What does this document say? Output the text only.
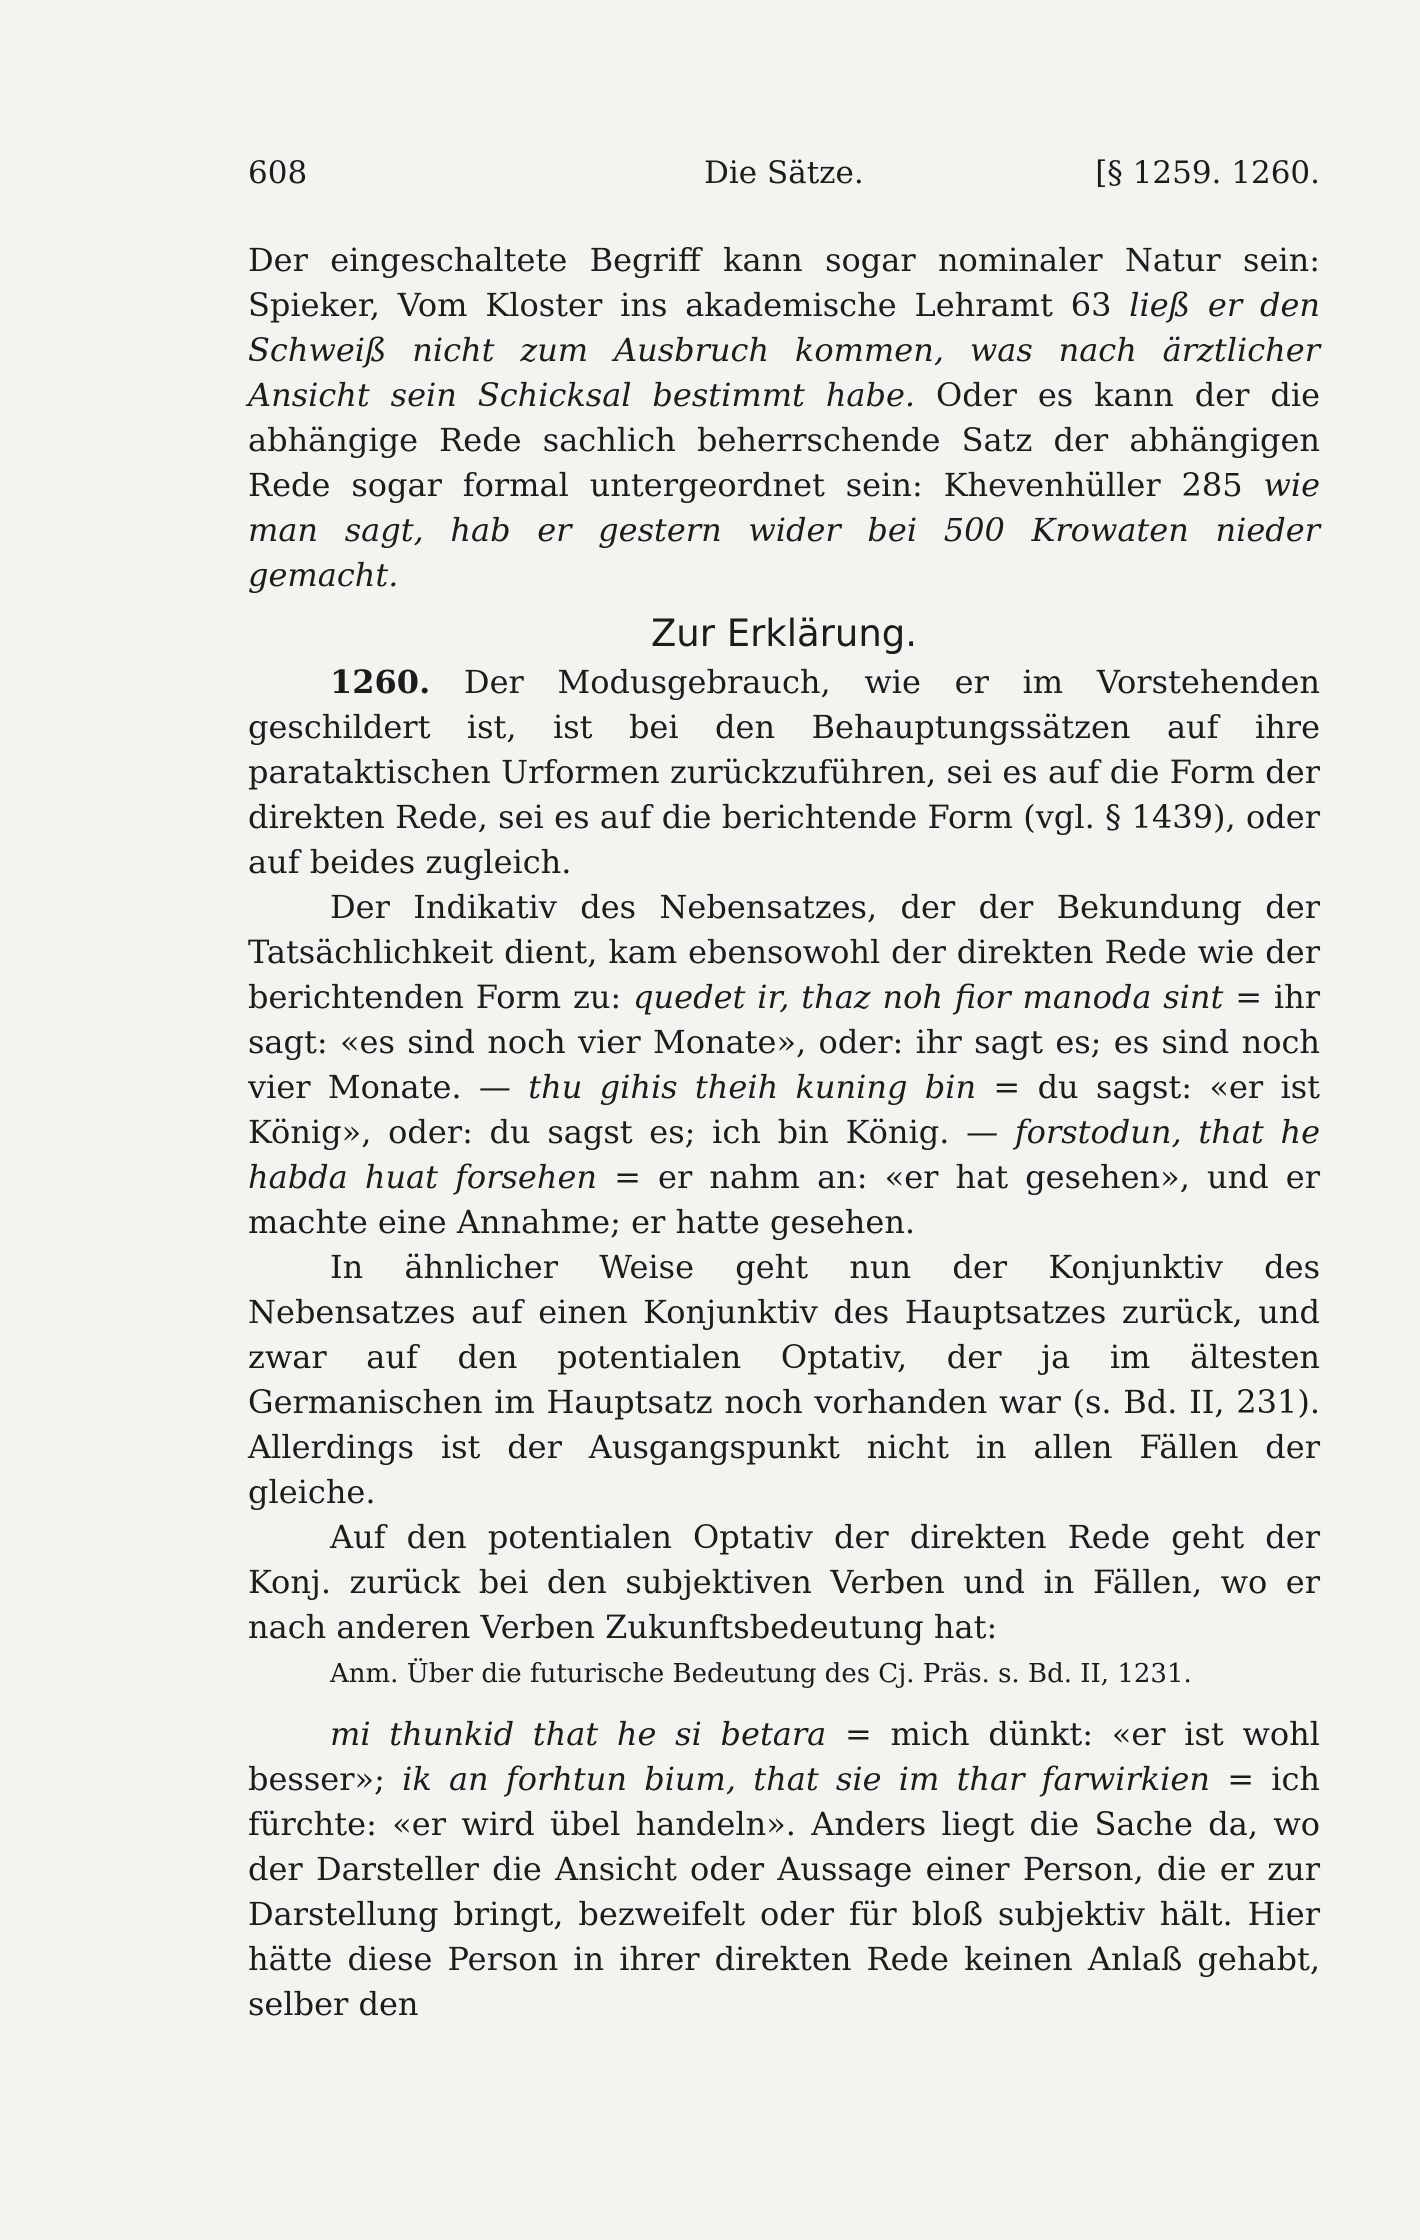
608	Die Sätze.	[§ 1259. 1260.

Der eingeschaltete Begriff kann sogar nominaler Natur sein: Spieker, Vom Kloster ins akademische Lehramt 63 ließ er den Schweiß nicht zum Ausbruch kommen, was nach ärztlicher Ansicht sein Schicksal bestimmt habe. Oder es kann der die abhängige Rede sachlich beherrschende Satz der abhängigen Rede sogar formal untergeordnet sein: Khevenhüller 285 wie man sagt, hab er gestern wider bei 500 Krowaten nieder gemacht.

Zur Erklärung.

1260. Der Modusgebrauch, wie er im Vorstehenden geschildert ist, ist bei den Behauptungssätzen auf ihre parataktischen Urformen zurückzuführen, sei es auf die Form der direkten Rede, sei es auf die berichtende Form (vgl. § 1439), oder auf beides zugleich.

Der Indikativ des Nebensatzes, der der Bekundung der Tatsächlichkeit dient, kam ebensowohl der direkten Rede wie der berichtenden Form zu: quedet ir, thaz noh fior manoda sint = ihr sagt: «es sind noch vier Monate», oder: ihr sagt es; es sind noch vier Monate. — thu gihis theih kuning bin = du sagst: «er ist König», oder: du sagst es; ich bin König. — forstodun, that he habda huat forsehen = er nahm an: «er hat gesehen», und er machte eine Annahme; er hatte gesehen.

In ähnlicher Weise geht nun der Konjunktiv des Nebensatzes auf einen Konjunktiv des Hauptsatzes zurück, und zwar auf den potentialen Optativ, der ja im ältesten Germanischen im Hauptsatz noch vorhanden war (s. Bd. II, 231). Allerdings ist der Ausgangspunkt nicht in allen Fällen der gleiche.

Auf den potentialen Optativ der direkten Rede geht der Konj. zurück bei den subjektiven Verben und in Fällen, wo er nach anderen Verben Zukunftsbedeutung hat:

Anm. Über die futurische Bedeutung des Cj. Präs. s. Bd. II, 1231.

mi thunkid that he si betara = mich dünkt: «er ist wohl besser»; ik an forhtun bium, that sie im thar farwirkien = ich fürchte: «er wird übel handeln». Anders liegt die Sache da, wo der Darsteller die Ansicht oder Aussage einer Person, die er zur Darstellung bringt, bezweifelt oder für bloß subjektiv hält. Hier hätte diese Person in ihrer direkten Rede keinen Anlaß gehabt, selber den
